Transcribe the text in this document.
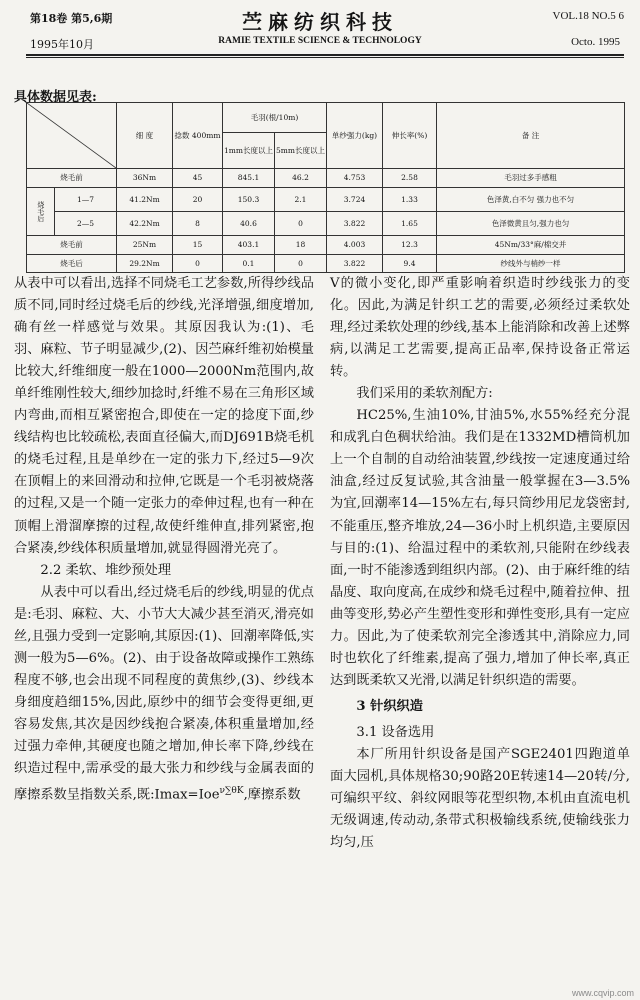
第18卷 第5,6期
1995年10月
苎麻纺织科技
RAMIE TEXTILE SCIENCE & TECHNOLOGY
VOL.18 NO.5 6
Octo. 1995
具体数据见表:
	细 度	捻数 400mm	毛羽(根/10m)		单纱强力(kg)	伸长率(%)	备 注
				1mm长度以上	5mm长度以上			
烧毛前		36Nm	45	845.1	46.2	4.753	2.58	毛羽过多手感粗
烧毛后	1—7	41.2Nm	20	150.3	2.1	3.724	1.33	色泽黄,白不匀 强力也不匀
	2—5	42.2Nm	8	40.6	0	3.822	1.65	色泽微黄且匀,强力也匀
烧毛前		25Nm	15	403.1	18	4.003	12.3	45Nm/33°麻/棉交并
烧毛后		29.2Nm	0	0.1	0	3.822	9.4	纱线外与梢纱一样

从表中可以看出,选择不同烧毛工艺参数,所得纱线品质不同,同时经过烧毛后的纱线,光泽增强,细度增加,确有丝一样感觉与效果。其原因我认为:(1)、毛羽、麻粒、节子明显减少,(2)、因苎麻纤维初始模量比较大,纤维细度一般在1000—2000Nm范围内,故单纤维刚性较大,细纱加捻时,纤维不易在三角形区域内弯曲,而相互紧密抱合,即使在一定的捻度下面,纱线结构也比较疏松,表面直径偏大,而DJ691B烧毛机的烧毛过程,且是单纱在一定的张力下,经过5—9次在顶帽上的来回滑动和拉伸,它既是一个毛羽被烧落的过程,又是一个随一定张力的牵伸过程,也有一种在顶帽上滑溜摩擦的过程,故使纤维伸直,排列紧密,抱合紧凑,纱线体积质量增加,就显得圆滑光亮了。

2.2 柔软、堆纱预处理

从表中可以看出,经过烧毛后的纱线,明显的优点是:毛羽、麻粒、大、小节大大减少甚至消灭,滑亮如丝,且强力受到一定影响,其原因:(1)、回潮率降低,实测一般为5—6%。(2)、由于设备故障或操作工熟练程度不够,也会出现不同程度的黄焦纱,(3)、纱线本身细度趋细15%,因此,原纱中的细节会变得更细,更容易发焦,其次是因纱线抱合紧凑,体积重量增加,经过强力牵伸,其硬度也随之增加,伸长率下降,纱线在织造过程中,需承受的最大张力和纱线与金属表面的摩擦系数呈指数关系,既:Imax=Ioe$^{\nu\sum\theta K}$,摩擦系数

V的微小变化,即严重影响着织造时纱线张力的变化。因此,为满足针织工艺的需要,必须经过柔软处理,经过柔软处理的纱线,基本上能消除和改善上述弊病,以满足工艺需要,提高正品率,保持设备正常运转。

我们采用的柔软剂配方:

HC25%,生油10%,甘油5%,水55%经充分混和成乳白色稠状给油。我们是在1332MD槽筒机加上一个自制的自动给油装置,纱线按一定速度通过给油盒,经过反复试验,其含油量一般掌握在3—3.5%为宜,回潮率14—15%左右,每只筒纱用尼龙袋密封,不能重压,整齐堆放,24—36小时上机织造,主要原因与目的:(1)、给温过程中的柔软剂,只能附在纱线表面,一时不能渗透到组织内部。(2)、由于麻纤维的结晶度、取向度高,在成纱和烧毛过程中,随着拉伸、扭曲等变形,势必产生塑性变形和弹性变形,具有一定应力。因此,为了使柔软剂完全渗透其中,消除应力,同时也软化了纤维素,提高了强力,增加了伸长率,真正达到既柔软又光滑,以满足针织织造的需要。

3 针织织造

3.1 设备选用

本厂所用针织设备是国产SGE2401四跑道单面大园机,具体规格30;90路20E转速14—20转/分,可编织平纹、斜纹网眼等花型织物,本机由直流电机无级调速,传动动,条带式积极输线系统,使输线张力均匀,压

www.cqvip.com
